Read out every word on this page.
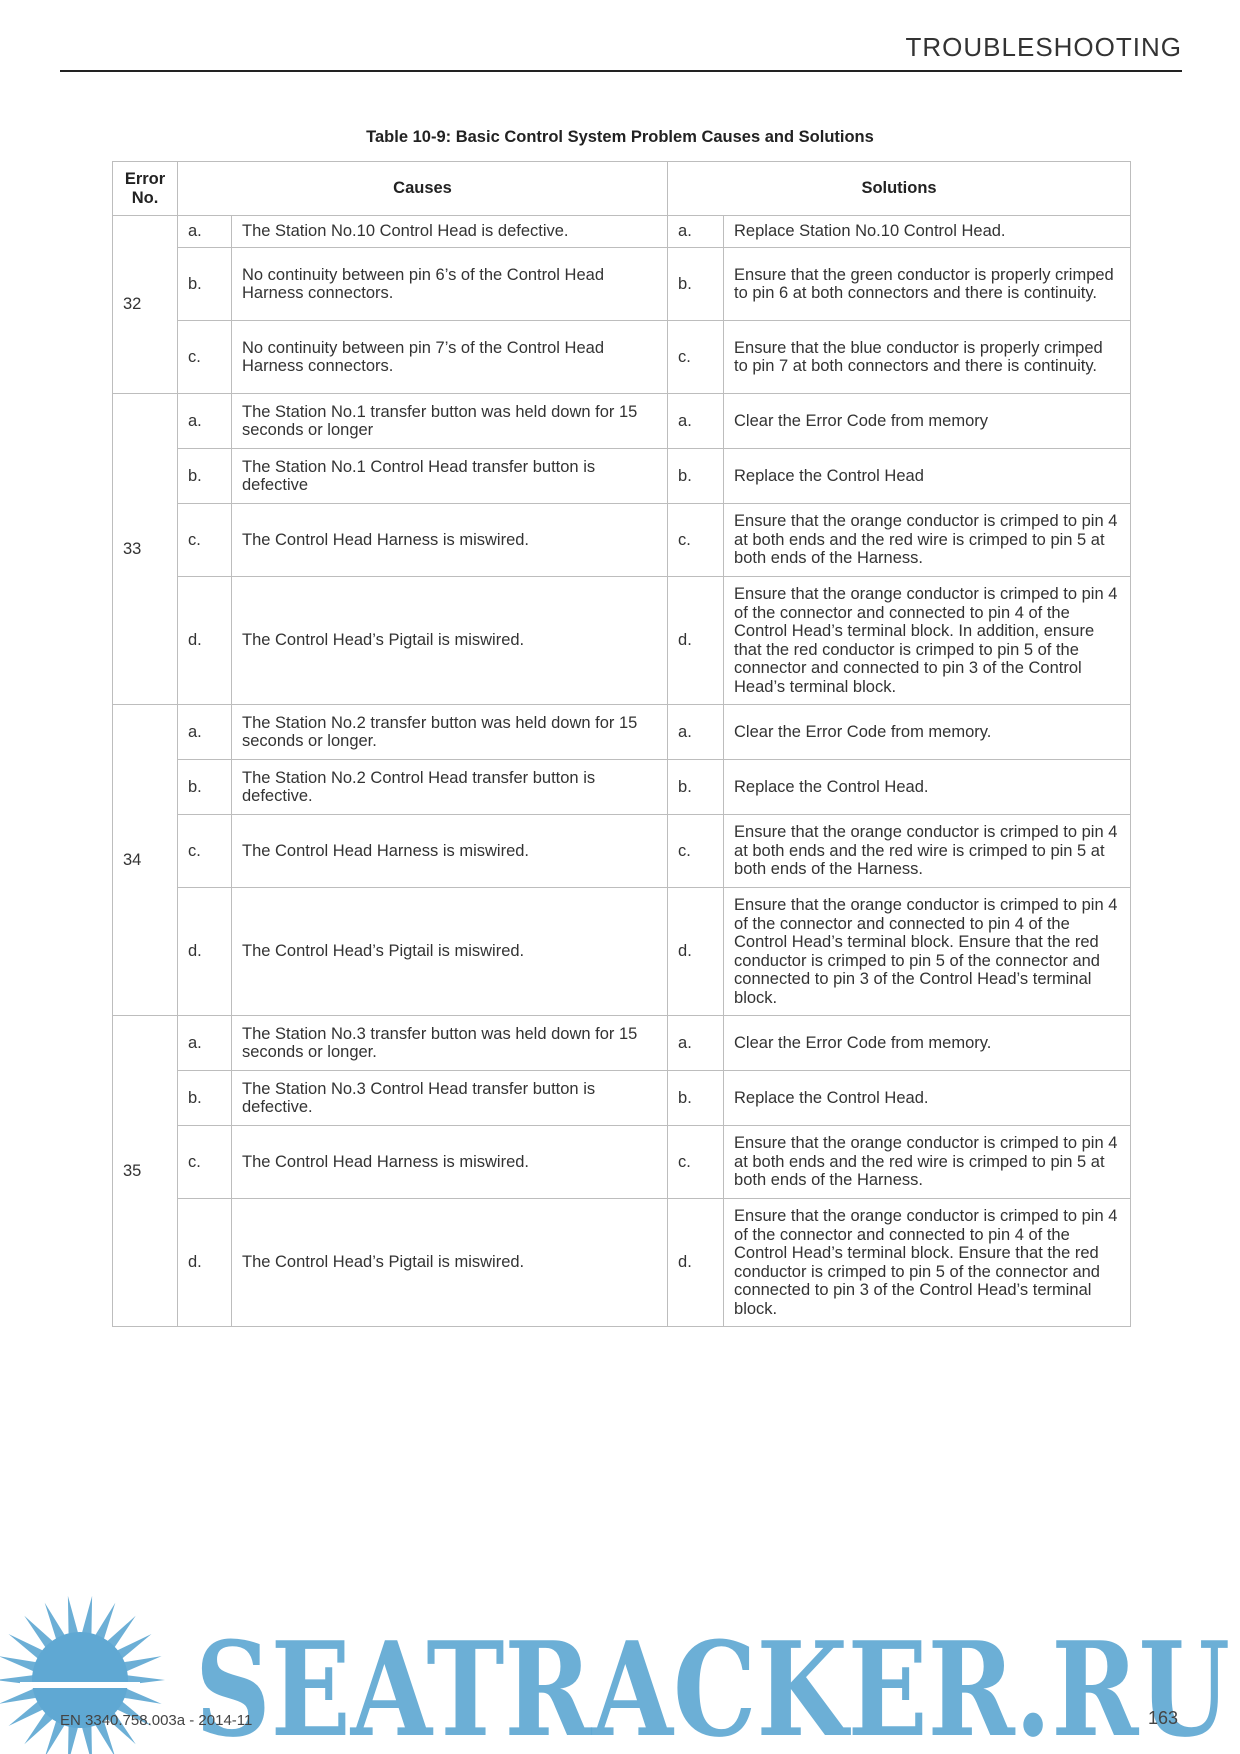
TROUBLESHOOTING
Table 10-9: Basic Control System Problem Causes and Solutions
Error
No.	Causes		Solutions	
32	a.	The Station No.10 Control Head is defective.	a.	Replace Station No.10 Control Head.
	b.	No continuity between pin 6’s of the Control Head Harness connectors.	b.	Ensure that the green conductor is properly crimped to pin 6 at both connectors and there is continuity.
	c.	No continuity between pin 7’s of the Control Head Harness connectors.	c.	Ensure that the blue conductor is properly crimped to pin 7 at both connectors and there is continuity.
33	a.	The Station No.1 transfer button was held down for 15 seconds or longer	a.	Clear the Error Code from memory
	b.	The Station No.1 Control Head transfer button is defective	b.	Replace the Control Head
	c.	The Control Head Harness is miswired.	c.	Ensure that the orange conductor is crimped to pin 4 at both ends and the red wire is crimped to pin 5 at both ends of the Harness.
	d.	The Control Head’s Pigtail is miswired.	d.	Ensure that the orange conductor is crimped to pin 4 of the connector and connected to pin 4 of the Control Head’s terminal block. In addition, ensure that the red conductor is crimped to pin 5 of the connector and connected to pin 3 of the Control Head’s terminal block.
34	a.	The Station No.2 transfer button was held down for 15 seconds or longer.	a.	Clear the Error Code from memory.
	b.	The Station No.2 Control Head transfer button is defective.	b.	Replace the Control Head.
	c.	The Control Head Harness is miswired.	c.	Ensure that the orange conductor is crimped to pin 4 at both ends and the red wire is crimped to pin 5 at both ends of the Harness.
	d.	The Control Head’s Pigtail is miswired.	d.	Ensure that the orange conductor is crimped to pin 4 of the connector and connected to pin 4 of the Control Head’s terminal block. Ensure that the red conductor is crimped to pin 5 of the connector and connected to pin 3 of the Control Head’s terminal block.
35	a.	The Station No.3 transfer button was held down for 15 seconds or longer.	a.	Clear the Error Code from memory.
	b.	The Station No.3 Control Head transfer button is defective.	b.	Replace the Control Head.
	c.	The Control Head Harness is miswired.	c.	Ensure that the orange conductor is crimped to pin 4 at both ends and the red wire is crimped to pin 5 at both ends of the Harness.
	d.	The Control Head’s Pigtail is miswired.	d.	Ensure that the orange conductor is crimped to pin 4 of the connector and connected to pin 4 of the Control Head’s terminal block. Ensure that the red conductor is crimped to pin 5 of the connector and connected to pin 3 of the Control Head’s terminal block.
SEATRACKER.RU
EN 3340.758.003a - 2014-11	163
